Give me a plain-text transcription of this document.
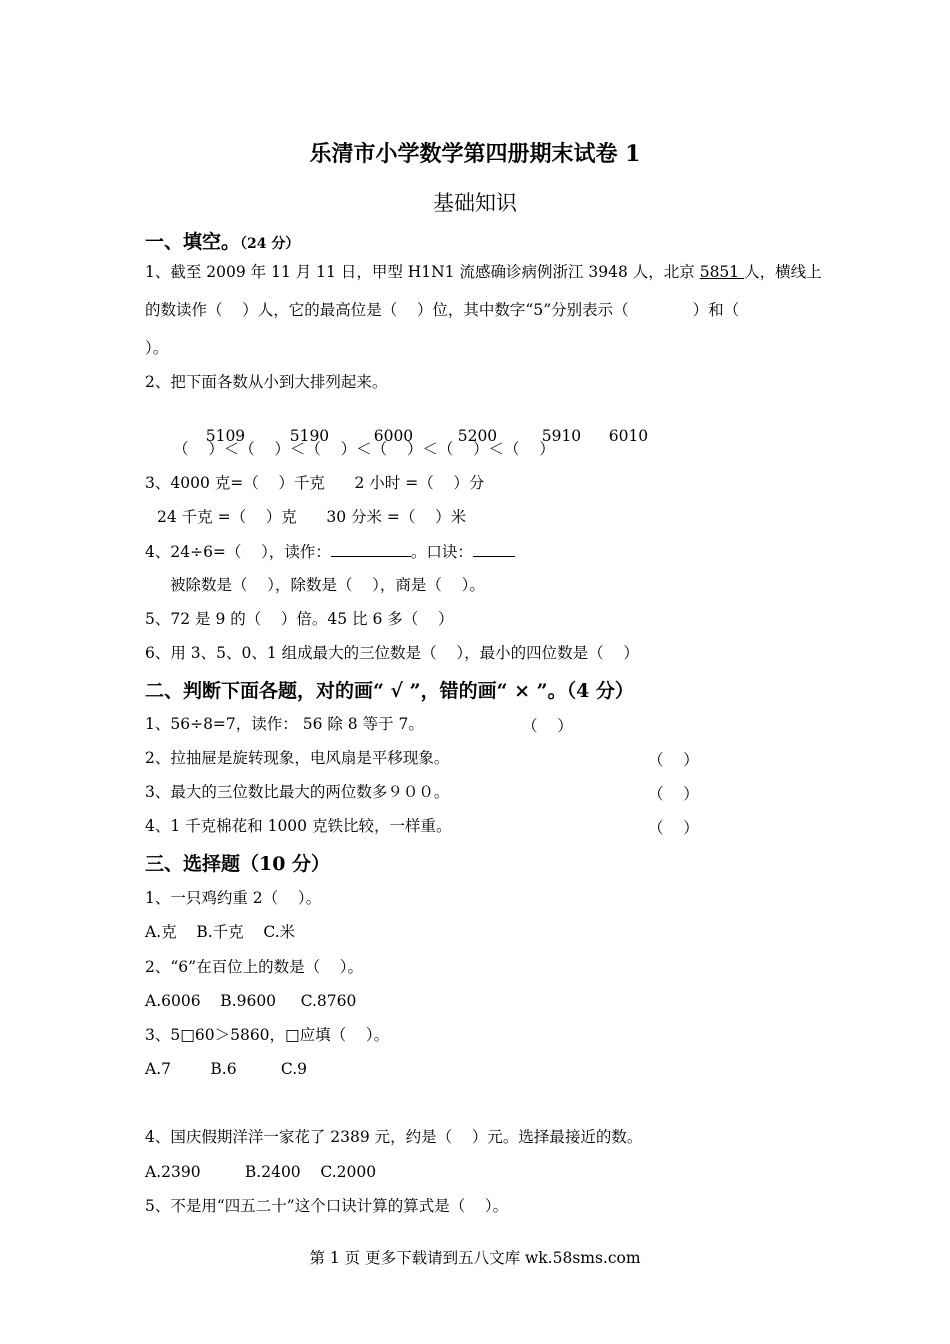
乐清市小学数学第四册期末试卷 1
基础知识
一、填空。（24 分）
1、截至 2009 年 11 月 11 日，甲型 H1N1 流感确诊病例浙江 3948 人，北京 5851 人，横线上
的数读作（    ）人，它的最高位是（    ）位，其中数字“5”分别表示（             ）和（
）。
2、把下面各数从小到大排列起来。

5109	5190	6000	5200	5910 6010

（    ）＜（    ）＜（    ）＜（    ）＜（    ）＜（    ）
3、4000 克=（    ）千克      2 小时 =（    ）分
24 千克 =（    ）克      30 分米 =（    ）米
4、24÷6=（    ），读作：	。口诀：
被除数是（    ），除数是（    ），商是（    ）。
5、72 是 9 的（    ）倍。45 比 6 多（    ）
6、用 3、5、0、1 组成最大的三位数是（    ），最小的四位数是（    ）
二、判断下面各题，对的画“ √ ”，错的画“ × ”。（4 分）
1、56÷8=7，读作： 56 除 8 等于 7。	（    ）
2、拉抽屉是旋转现象，电风扇是平移现象。	（    ）
3、最大的三位数比最大的两位数多９００。	（    ）
4、1 千克棉花和 1000 克铁比较，一样重。	（    ）
三、选择题（10 分）
1、一只鸡约重 2（    ）。
A.克    B.千克    C.米
2、“6”在百位上的数是（    ）。
A.6006    B.9600     C.8760
3、5□60＞5860，□应填（    ）。
A.7        B.6         C.9
4、国庆假期洋洋一家花了 2389 元，约是（    ）元。选择最接近的数。
A.2390         B.2400    C.2000
5、不是用“四五二十”这个口诀计算的算式是（    ）。
第 1 页 更多下载请到五八文库 wk.58sms.com
